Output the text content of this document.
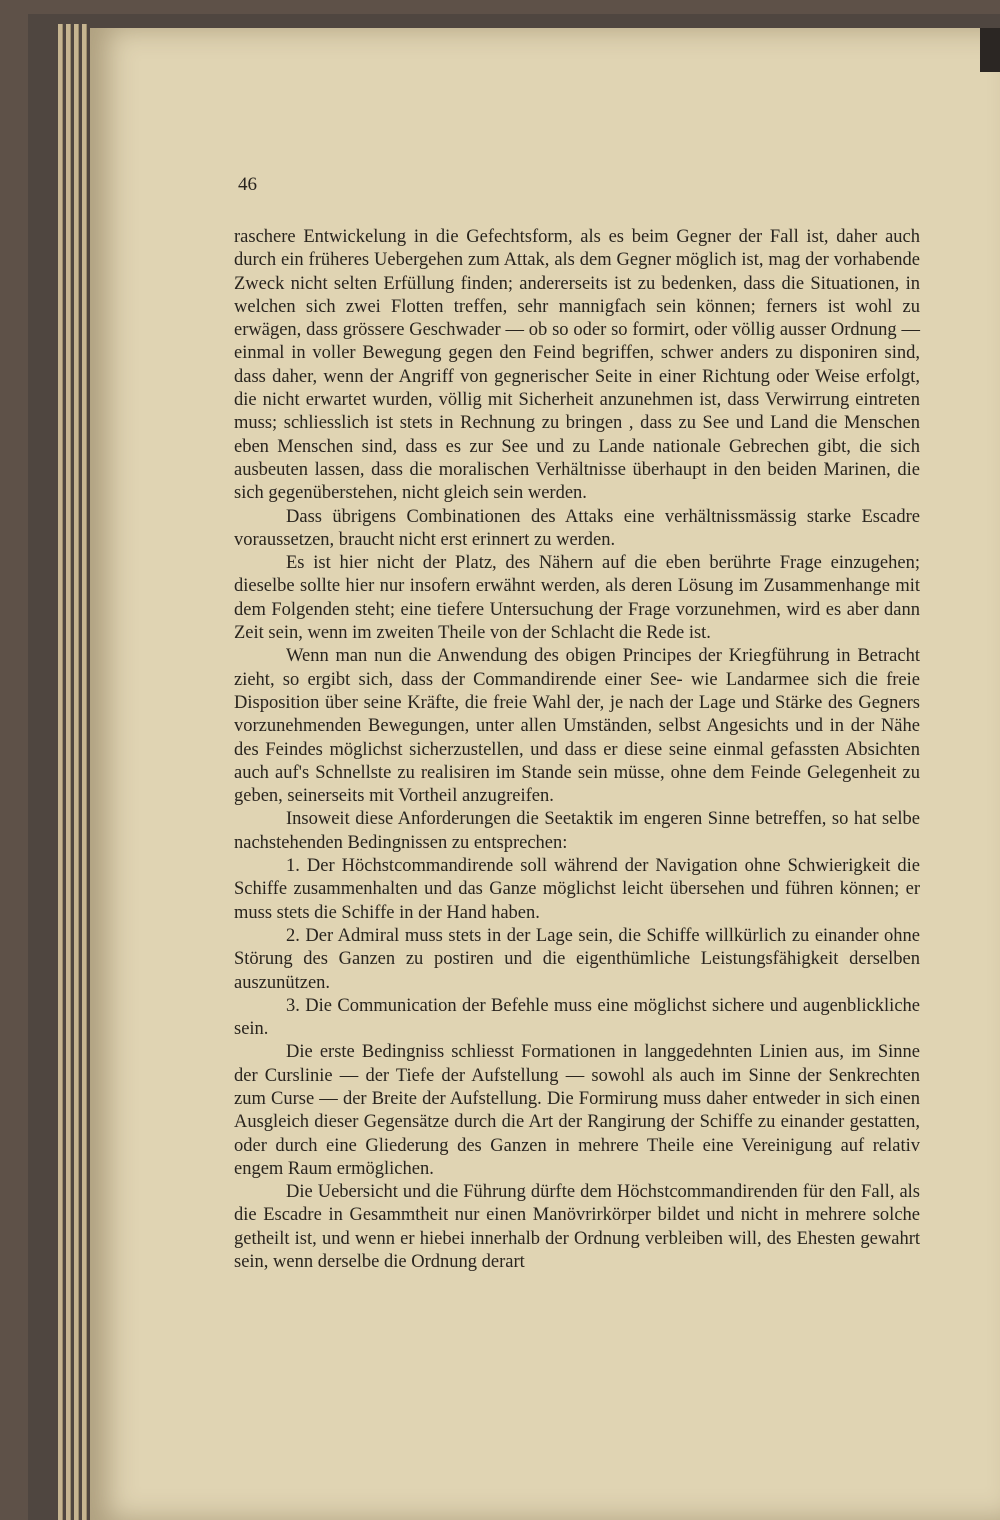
46

raschere Entwickelung in die Gefechtsform, als es beim Gegner der Fall ist, daher auch durch ein früheres Uebergehen zum Attak, als dem Gegner möglich ist, mag der vorhabende Zweck nicht selten Erfüllung finden; andererseits ist zu bedenken, dass die Situationen, in welchen sich zwei Flotten treffen, sehr mannigfach sein können; ferners ist wohl zu erwägen, dass grössere Geschwader — ob so oder so formirt, oder völlig ausser Ordnung — einmal in voller Bewegung gegen den Feind begriffen, schwer anders zu disponiren sind, dass daher, wenn der Angriff von gegnerischer Seite in einer Richtung oder Weise erfolgt, die nicht erwartet wurden, völlig mit Sicherheit anzunehmen ist, dass Verwirrung eintreten muss; schliesslich ist stets in Rechnung zu bringen , dass zu See und Land die Menschen eben Menschen sind, dass es zur See und zu Lande nationale Gebrechen gibt, die sich ausbeuten lassen, dass die moralischen Verhältnisse überhaupt in den beiden Marinen, die sich gegenüberstehen, nicht gleich sein werden.

Dass übrigens Combinationen des Attaks eine verhältnissmässig starke Escadre voraussetzen, braucht nicht erst erinnert zu werden.

Es ist hier nicht der Platz, des Nähern auf die eben berührte Frage einzugehen; dieselbe sollte hier nur insofern erwähnt werden, als deren Lösung im Zusammenhange mit dem Folgenden steht; eine tiefere Untersuchung der Frage vorzunehmen, wird es aber dann Zeit sein, wenn im zweiten Theile von der Schlacht die Rede ist.

Wenn man nun die Anwendung des obigen Principes der Kriegführung in Betracht zieht, so ergibt sich, dass der Commandirende einer See- wie Landarmee sich die freie Disposition über seine Kräfte, die freie Wahl der, je nach der Lage und Stärke des Gegners vorzunehmenden Bewegungen, unter allen Umständen, selbst Angesichts und in der Nähe des Feindes möglichst sicherzustellen, und dass er diese seine einmal gefassten Absichten auch auf's Schnellste zu realisiren im Stande sein müsse, ohne dem Feinde Gelegenheit zu geben, seinerseits mit Vortheil anzugreifen.

Insoweit diese Anforderungen die Seetaktik im engeren Sinne betreffen, so hat selbe nachstehenden Bedingnissen zu entsprechen:

1. Der Höchstcommandirende soll während der Navigation ohne Schwierigkeit die Schiffe zusammenhalten und das Ganze möglichst leicht übersehen und führen können; er muss stets die Schiffe in der Hand haben.

2. Der Admiral muss stets in der Lage sein, die Schiffe willkürlich zu einander ohne Störung des Ganzen zu postiren und die eigenthümliche Leistungsfähigkeit derselben auszunützen.

3. Die Communication der Befehle muss eine möglichst sichere und augenblickliche sein.

Die erste Bedingniss schliesst Formationen in langgedehnten Linien aus, im Sinne der Curslinie — der Tiefe der Aufstellung — sowohl als auch im Sinne der Senkrechten zum Curse — der Breite der Aufstellung. Die Formirung muss daher entweder in sich einen Ausgleich dieser Gegensätze durch die Art der Rangirung der Schiffe zu einander gestatten, oder durch eine Gliederung des Ganzen in mehrere Theile eine Vereinigung auf relativ engem Raum ermöglichen.

Die Uebersicht und die Führung dürfte dem Höchstcommandirenden für den Fall, als die Escadre in Gesammtheit nur einen Manövrirkörper bildet und nicht in mehrere solche getheilt ist, und wenn er hiebei innerhalb der Ordnung verbleiben will, des Ehesten gewahrt sein, wenn derselbe die Ordnung derart
